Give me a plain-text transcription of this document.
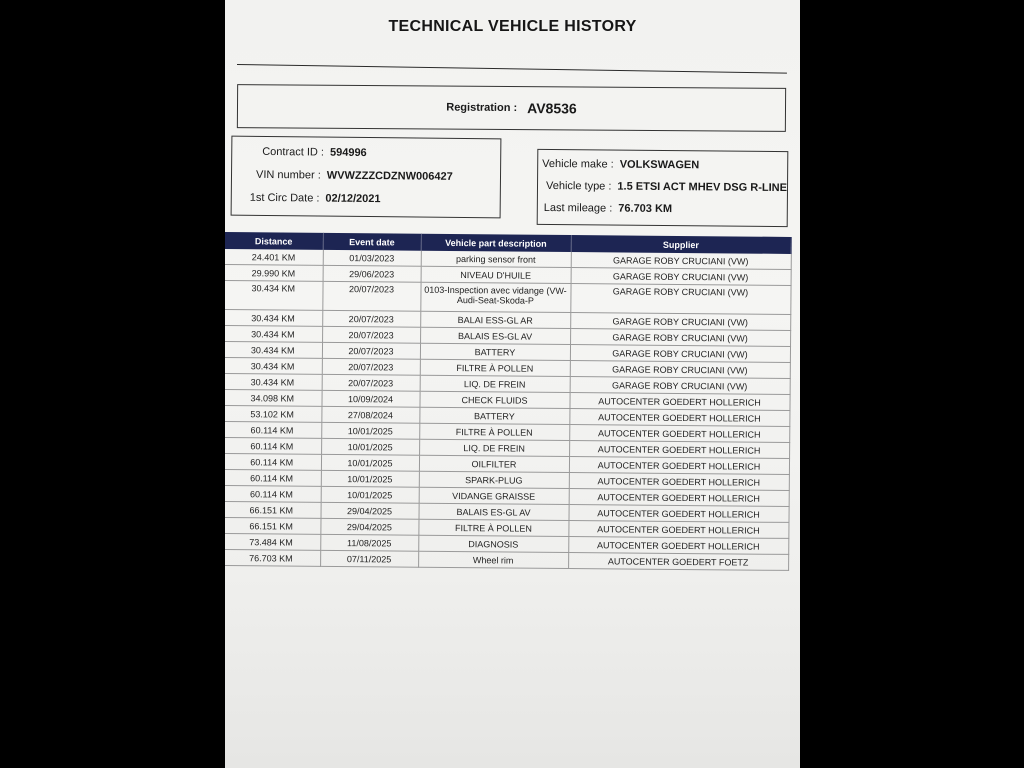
TECHNICAL VEHICLE HISTORY
Registration : AV8536
Contract ID : 594996
VIN number : WVWZZZCDZNW006427
1st Circ Date : 02/12/2021
Vehicle make : VOLKSWAGEN
Vehicle type : 1.5 ETSI ACT MHEV DSG R-LINE
Last mileage : 76.703 KM
Distance	Event date	Vehicle part description	Supplier
24.401 KM	01/03/2023	parking sensor front	GARAGE ROBY CRUCIANI (VW)
29.990 KM	29/06/2023	NIVEAU D'HUILE	GARAGE ROBY CRUCIANI (VW)
30.434 KM	20/07/2023	0103-Inspection avec vidange (VW-Audi-Seat-Skoda-P	GARAGE ROBY CRUCIANI (VW)
30.434 KM	20/07/2023	BALAI ESS-GL AR	GARAGE ROBY CRUCIANI (VW)
30.434 KM	20/07/2023	BALAIS ES-GL AV	GARAGE ROBY CRUCIANI (VW)
30.434 KM	20/07/2023	BATTERY	GARAGE ROBY CRUCIANI (VW)
30.434 KM	20/07/2023	FILTRE À POLLEN	GARAGE ROBY CRUCIANI (VW)
30.434 KM	20/07/2023	LIQ. DE FREIN	GARAGE ROBY CRUCIANI (VW)
34.098 KM	10/09/2024	CHECK FLUIDS	AUTOCENTER GOEDERT HOLLERICH
53.102 KM	27/08/2024	BATTERY	AUTOCENTER GOEDERT HOLLERICH
60.114 KM	10/01/2025	FILTRE À POLLEN	AUTOCENTER GOEDERT HOLLERICH
60.114 KM	10/01/2025	LIQ. DE FREIN	AUTOCENTER GOEDERT HOLLERICH
60.114 KM	10/01/2025	OILFILTER	AUTOCENTER GOEDERT HOLLERICH
60.114 KM	10/01/2025	SPARK-PLUG	AUTOCENTER GOEDERT HOLLERICH
60.114 KM	10/01/2025	VIDANGE GRAISSE	AUTOCENTER GOEDERT HOLLERICH
66.151 KM	29/04/2025	BALAIS ES-GL AV	AUTOCENTER GOEDERT HOLLERICH
66.151 KM	29/04/2025	FILTRE À POLLEN	AUTOCENTER GOEDERT HOLLERICH
73.484 KM	11/08/2025	DIAGNOSIS	AUTOCENTER GOEDERT HOLLERICH
76.703 KM	07/11/2025	Wheel rim	AUTOCENTER GOEDERT FOETZ
